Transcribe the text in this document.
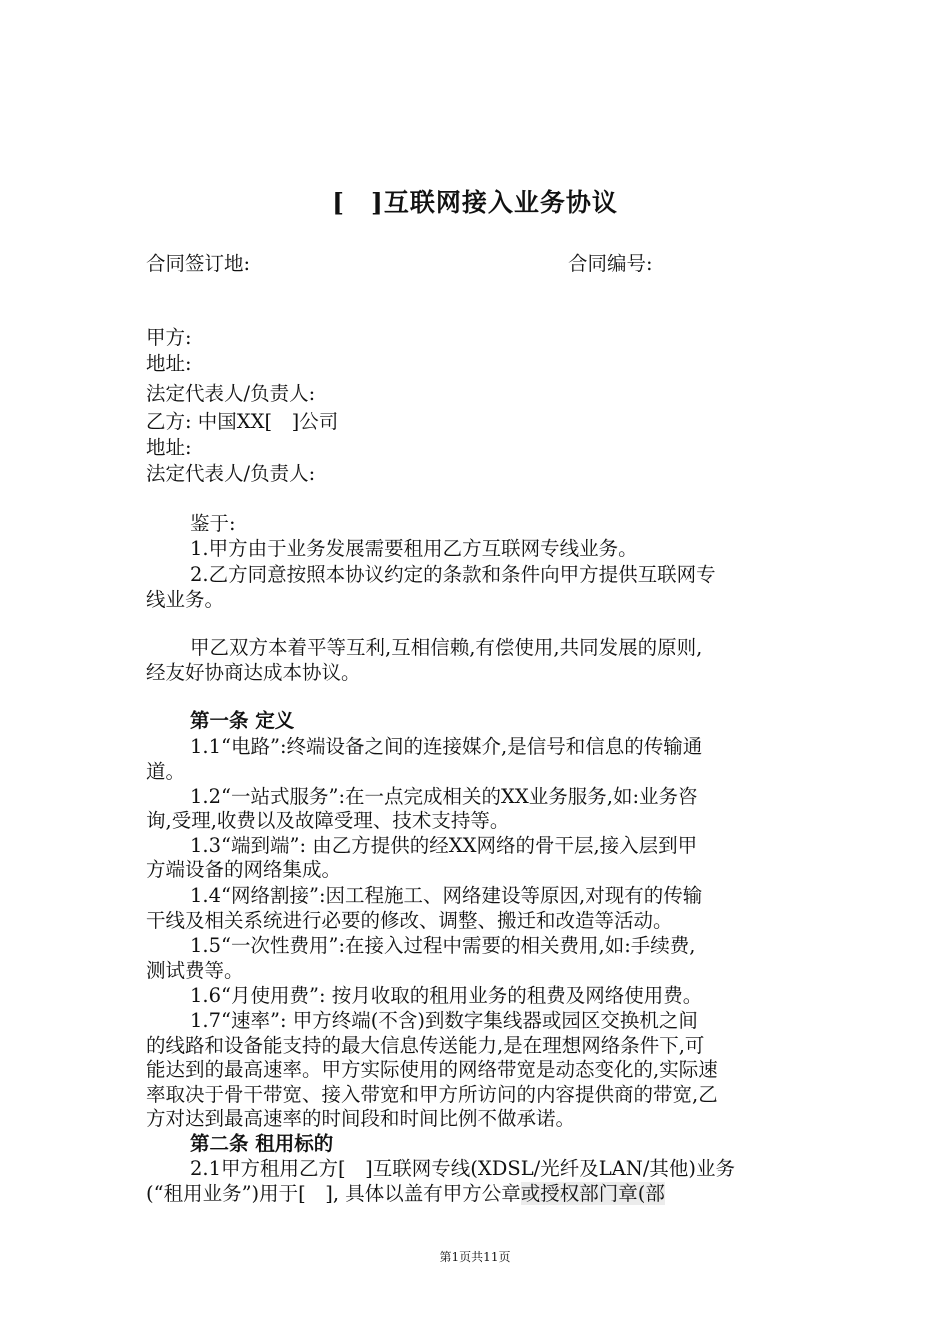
[　]互联网接入业务协议
合同签订地:	合同编号:
甲方:
地址:
法定代表人/负责人:
乙方: 中国XX[　]公司
地址:
法定代表人/负责人:
鉴于:
1.甲方由于业务发展需要租用乙方互联网专线业务。
2.乙方同意按照本协议约定的条款和条件向甲方提供互联网专
线业务。
甲乙双方本着平等互利,互相信赖,有偿使用,共同发展的原则,
经友好协商达成本协议。
第一条 定义
1.1“电路”:终端设备之间的连接媒介,是信号和信息的传输通
道。
1.2“一站式服务”:在一点完成相关的XX业务服务,如:业务咨
询,受理,收费以及故障受理、技术支持等。
1.3“端到端”: 由乙方提供的经XX网络的骨干层,接入层到甲
方端设备的网络集成。
1.4“网络割接”:因工程施工、网络建设等原因,对现有的传输
干线及相关系统进行必要的修改、调整、搬迁和改造等活动。
1.5“一次性费用”:在接入过程中需要的相关费用,如:手续费,
测试费等。
1.6“月使用费”: 按月收取的租用业务的租费及网络使用费。
1.7“速率”: 甲方终端(不含)到数字集线器或园区交换机之间
的线路和设备能支持的最大信息传送能力,是在理想网络条件下,可
能达到的最高速率。甲方实际使用的网络带宽是动态变化的,实际速
率取决于骨干带宽、接入带宽和甲方所访问的内容提供商的带宽,乙
方对达到最高速率的时间段和时间比例不做承诺。
第二条 租用标的
2.1甲方租用乙方[　]互联网专线(XDSL/光纤及LAN/其他)业务
(“租用业务”)用于[　], 具体以盖有甲方公章或授权部门章(部
第1页共11页
